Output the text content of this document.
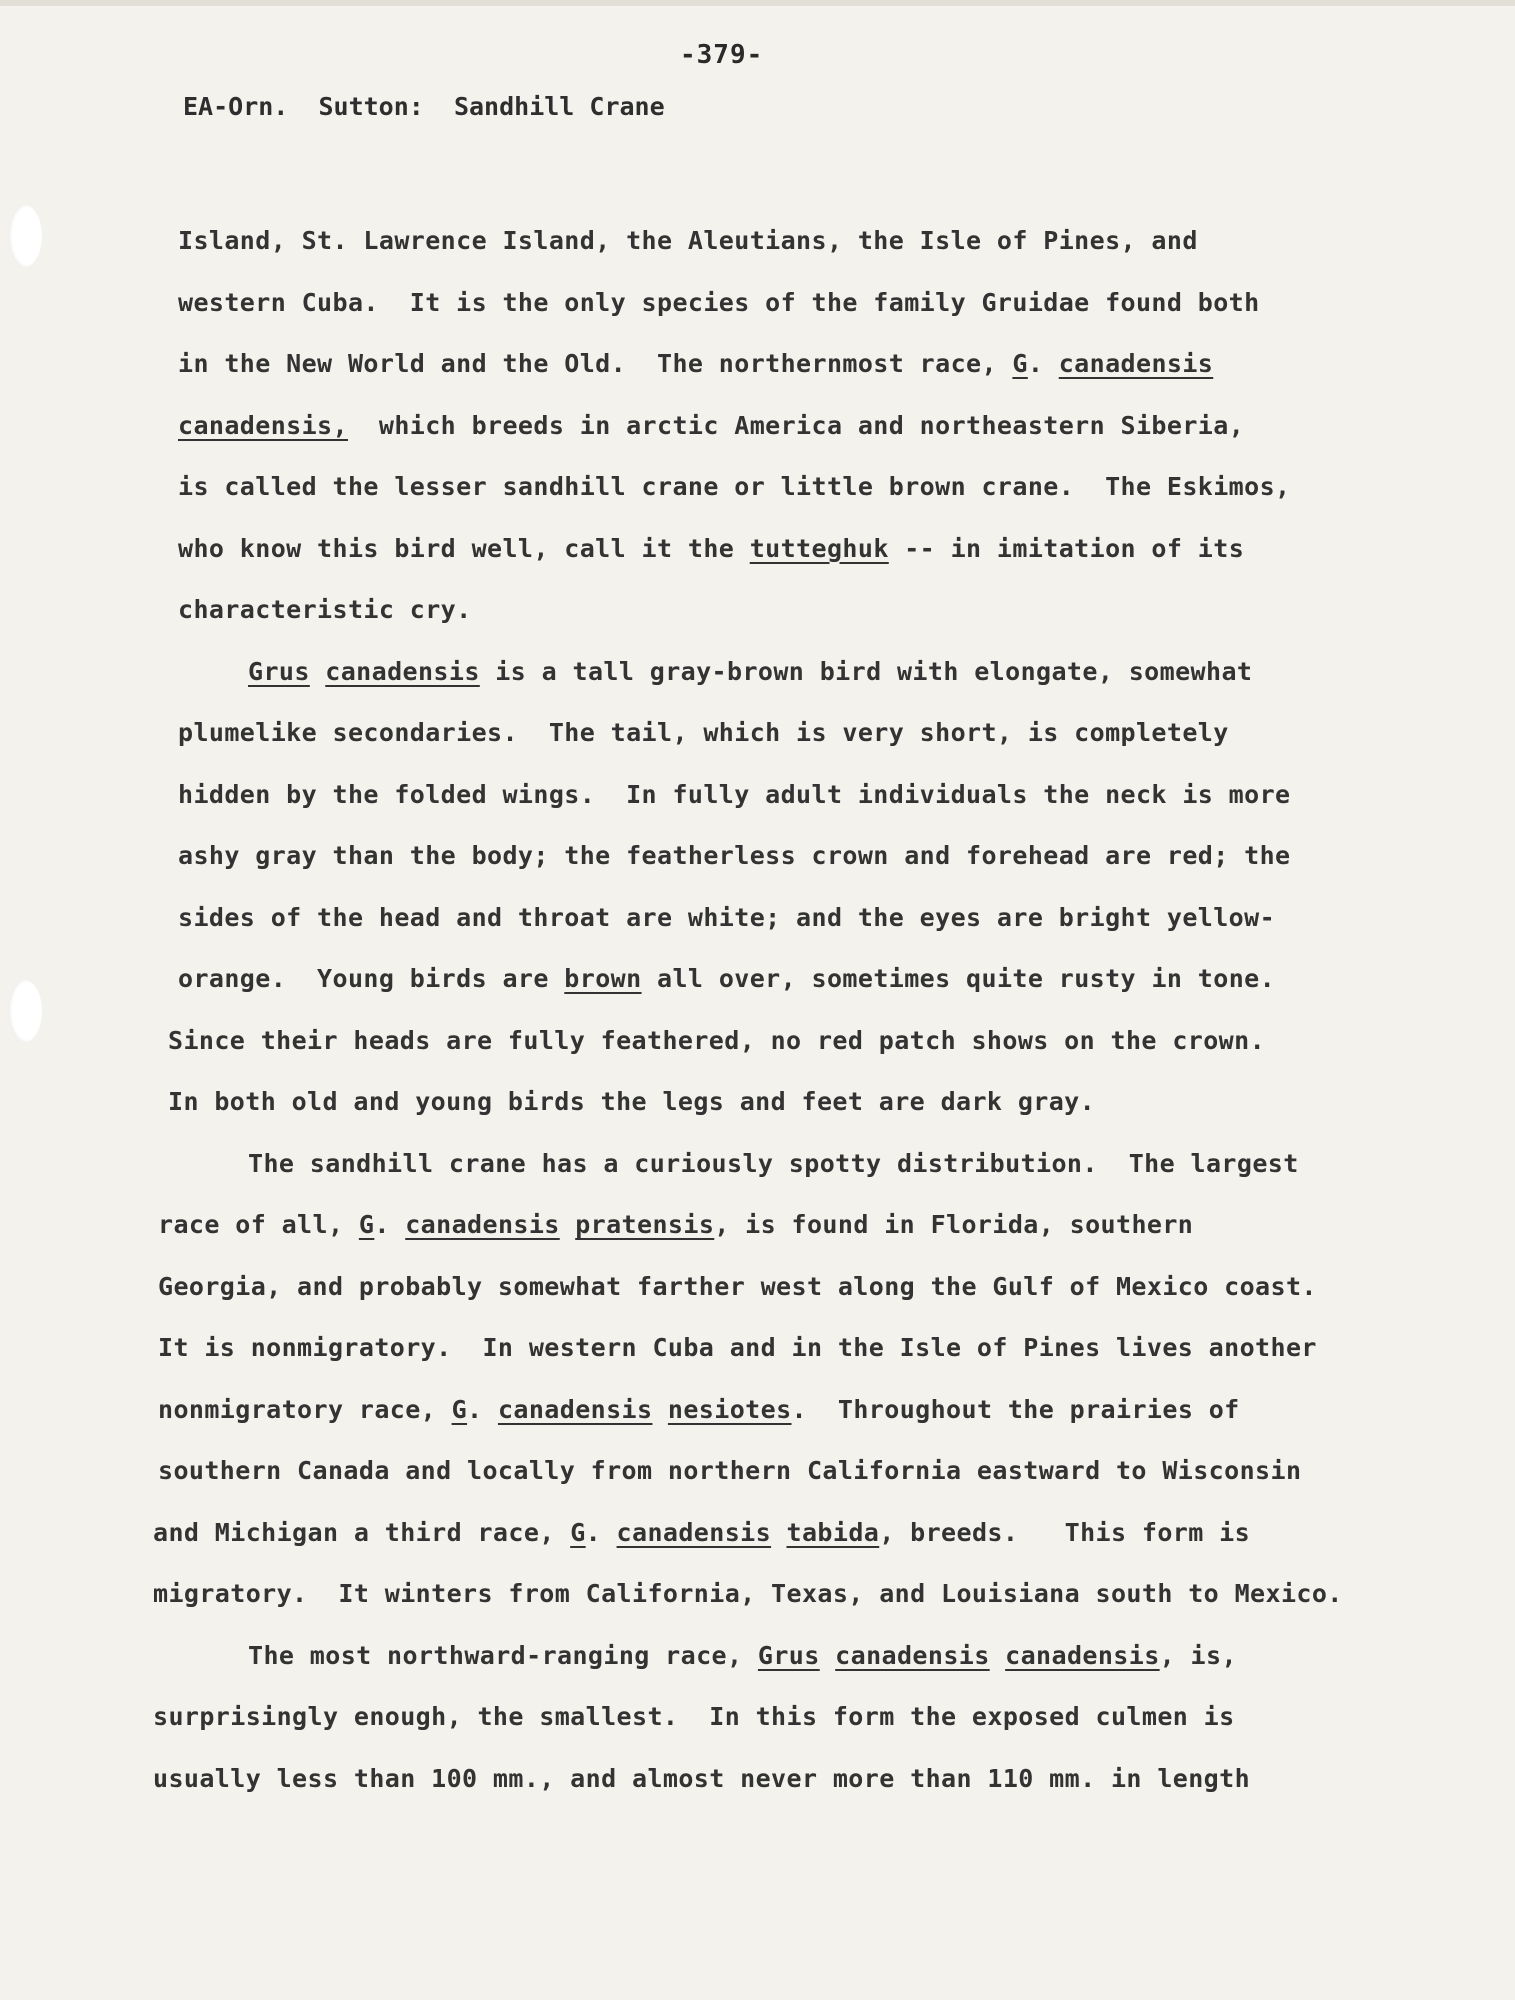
-379-
EA-Orn. Sutton: Sandhill Crane
Island, St. Lawrence Island, the Aleutians, the Isle of Pines, and
western Cuba.  It is the only species of the family Gruidae found both
in the New World and the Old.  The northernmost race, G. canadensis
canadensis,  which breeds in arctic America and northeastern Siberia,
is called the lesser sandhill crane or little brown crane.  The Eskimos,
who know this bird well, call it the tutteghuk -- in imitation of its
characteristic cry.
Grus canadensis is a tall gray-brown bird with elongate, somewhat
plumelike secondaries.  The tail, which is very short, is completely
hidden by the folded wings.  In fully adult individuals the neck is more
ashy gray than the body; the featherless crown and forehead are red; the
sides of the head and throat are white; and the eyes are bright yellow-
orange.  Young birds are brown all over, sometimes quite rusty in tone.
Since their heads are fully feathered, no red patch shows on the crown.
In both old and young birds the legs and feet are dark gray.
The sandhill crane has a curiously spotty distribution.  The largest
race of all, G. canadensis pratensis, is found in Florida, southern
Georgia, and probably somewhat farther west along the Gulf of Mexico coast.
It is nonmigratory.  In western Cuba and in the Isle of Pines lives another
nonmigratory race, G. canadensis nesiotes.  Throughout the prairies of
southern Canada and locally from northern California eastward to Wisconsin
and Michigan a third race, G. canadensis tabida, breeds.   This form is
migratory.  It winters from California, Texas, and Louisiana south to Mexico.
The most northward-ranging race, Grus canadensis canadensis, is,
surprisingly enough, the smallest.  In this form the exposed culmen is
usually less than 100 mm., and almost never more than 110 mm. in length
